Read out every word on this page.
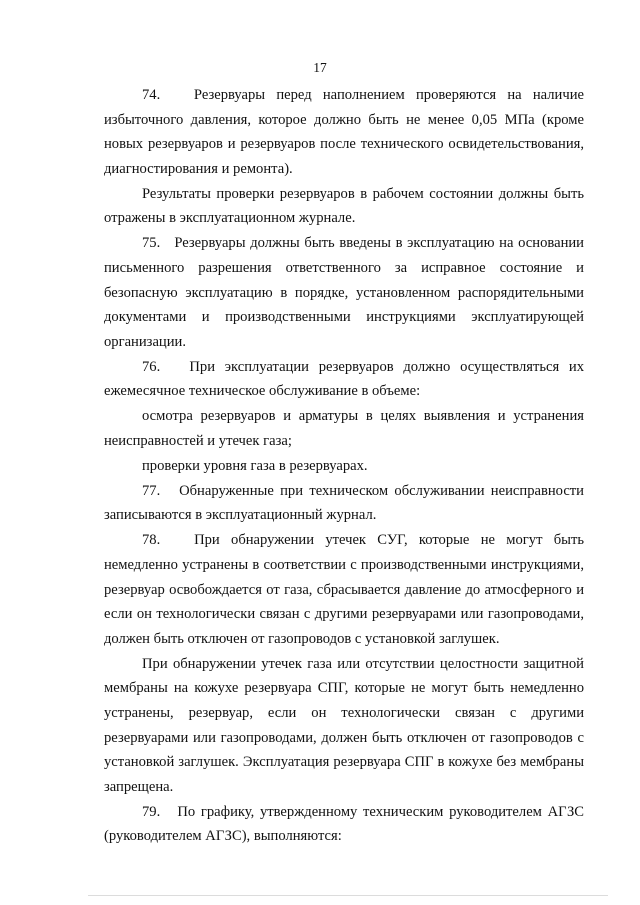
17

74.   Резервуары перед наполнением проверяются на наличие избыточного давления, которое должно быть не менее 0,05 МПа (кроме новых резервуаров и резервуаров после технического освидетельствования, диагностирования и ремонта).

Результаты проверки резервуаров в рабочем состоянии должны быть отражены в эксплуатационном журнале.

75.   Резервуары должны быть введены в эксплуатацию на основании письменного разрешения ответственного за исправное состояние и безопасную эксплуатацию в порядке, установленном распорядительными документами и производственными инструкциями эксплуатирующей организации.

76.   При эксплуатации резервуаров должно осуществляться их ежемесячное техническое обслуживание в объеме:

осмотра резервуаров и арматуры в целях выявления и устранения неисправностей и утечек газа;

проверки уровня газа в резервуарах.

77.   Обнаруженные при техническом обслуживании неисправности записываются в эксплуатационный журнал.

78.   При обнаружении утечек СУГ, которые не могут быть немедленно устранены в соответствии с производственными инструкциями, резервуар освобождается от газа, сбрасывается давление до атмосферного и если он технологически связан с другими резервуарами или газопроводами, должен быть отключен от газопроводов с установкой заглушек.

При обнаружении утечек газа или отсутствии целостности защитной мембраны на кожухе резервуара СПГ, которые не могут быть немедленно устранены, резервуар, если он технологически связан с другими резервуарами или газопроводами, должен быть отключен от газопроводов с установкой заглушек. Эксплуатация резервуара СПГ в кожухе без мембраны запрещена.

79.   По графику, утвержденному техническим руководителем АГЗС (руководителем АГЗС), выполняются:
